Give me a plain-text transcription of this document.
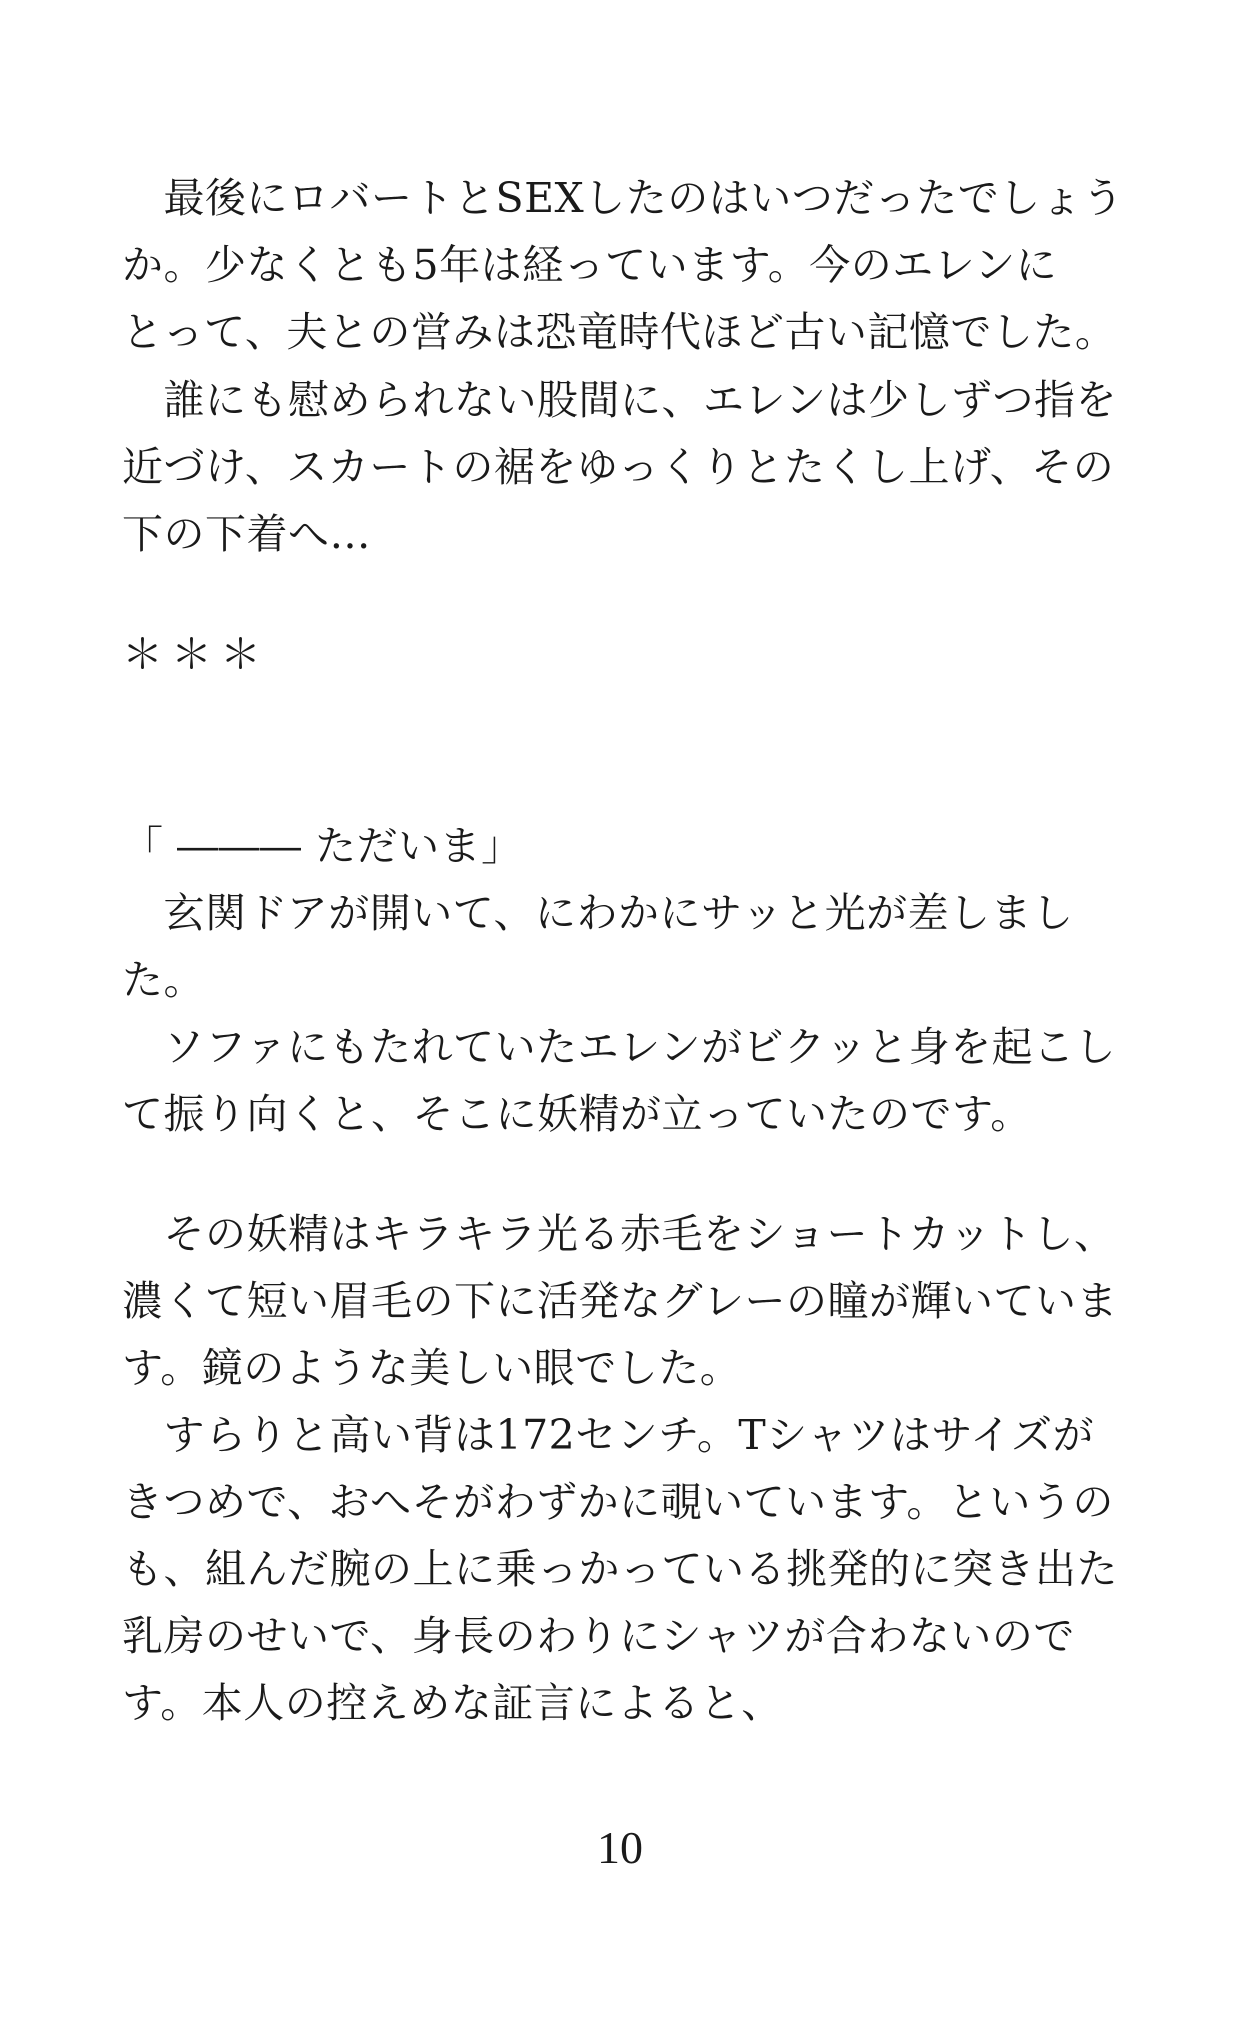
　最後にロバートとSEXしたのはいつだったでしょう
か。少なくとも5年は経っています。今のエレンに
とって、夫との営みは恐竜時代ほど古い記憶でした。
　誰にも慰められない股間に、エレンは少しずつ指を
近づけ、スカートの裾をゆっくりとたくし上げ、その
下の下着へ…
＊＊＊
「 ――― ただいま」
　玄関ドアが開いて、にわかにサッと光が差しまし
た。
　ソファにもたれていたエレンがビクッと身を起こし
て振り向くと、そこに妖精が立っていたのです。
　その妖精はキラキラ光る赤毛をショートカットし、
濃くて短い眉毛の下に活発なグレーの瞳が輝いていま
す。鏡のような美しい眼でした。
　すらりと高い背は172センチ。Tシャツはサイズが
きつめで、おへそがわずかに覗いています。というの
も、組んだ腕の上に乗っかっている挑発的に突き出た
乳房のせいで、身長のわりにシャツが合わないので
す。本人の控えめな証言によると、
10
